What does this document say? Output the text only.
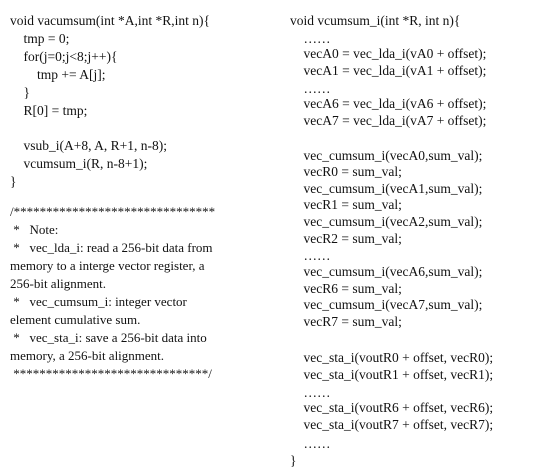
void vacumsum(int *A,int *R,int n){
tmp = 0;
for(j=0;j<8;j++){
tmp += A[j];
}
R[0] = tmp;
vsub_i(A+8, A, R+1, n-8);
vcumsum_i(R, n-8+1);
}
/*******************************
*   Note:
*   vec_lda_i: read a 256-bit data from
memory to a interge vector register, a
256-bit alignment.
*   vec_cumsum_i: integer vector
element cumulative sum.
*   vec_sta_i: save a 256-bit data into
memory, a 256-bit alignment.
******************************/
void vcumsum_i(int *R, int n){
……
vecA0 = vec_lda_i(vA0 + offset);
vecA1 = vec_lda_i(vA1 + offset);
……
vecA6 = vec_lda_i(vA6 + offset);
vecA7 = vec_lda_i(vA7 + offset);
vec_cumsum_i(vecA0,sum_val);
vecR0 = sum_val;
vec_cumsum_i(vecA1,sum_val);
vecR1 = sum_val;
vec_cumsum_i(vecA2,sum_val);
vecR2 = sum_val;
……
vec_cumsum_i(vecA6,sum_val);
vecR6 = sum_val;
vec_cumsum_i(vecA7,sum_val);
vecR7 = sum_val;
vec_sta_i(voutR0 + offset, vecR0);
vec_sta_i(voutR1 + offset, vecR1);
……
vec_sta_i(voutR6 + offset, vecR6);
vec_sta_i(voutR7 + offset, vecR7);
……
}
